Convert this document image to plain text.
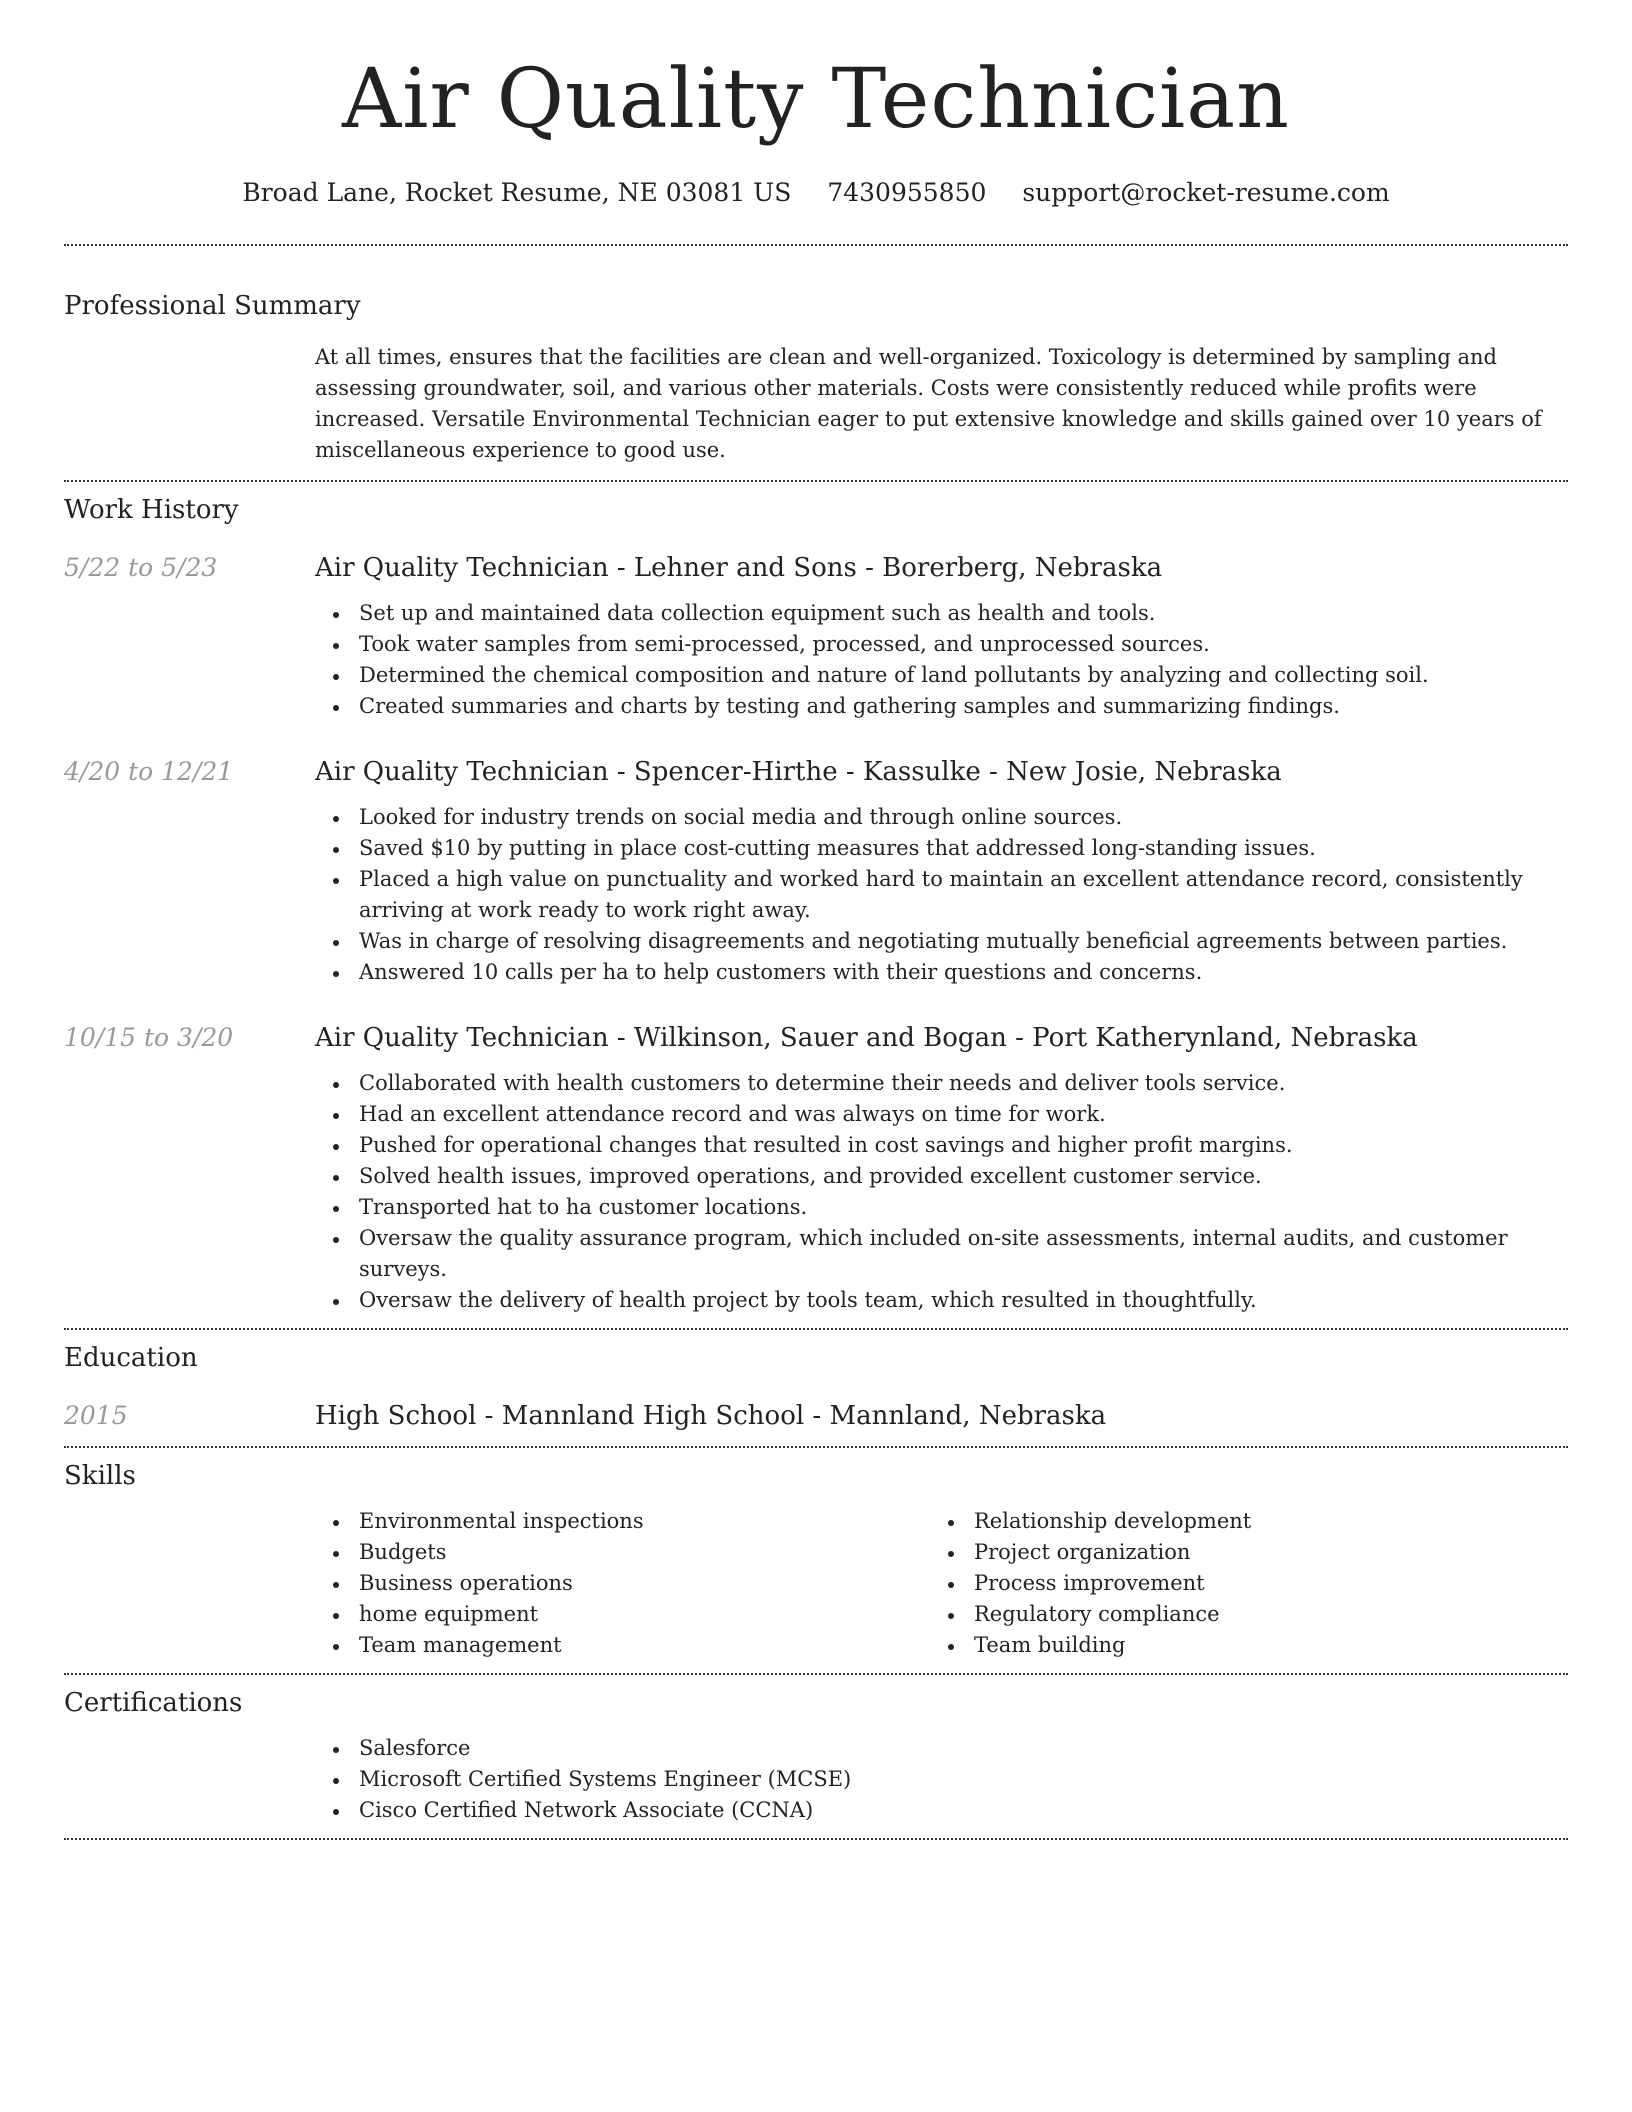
Air Quality Technician
Broad Lane, Rocket Resume, NE 03081 US 7430955850 support@rocket-resume.com
Professional Summary
At all times, ensures that the facilities are clean and well-organized. Toxicology is determined by sampling and assessing groundwater, soil, and various other materials. Costs were consistently reduced while profits were increased. Versatile Environmental Technician eager to put extensive knowledge and skills gained over 10 years of miscellaneous experience to good use.
Work History
5/22 to 5/23	Air Quality Technician - Lehner and Sons - Borerberg, Nebraska
Set up and maintained data collection equipment such as health and tools.
Took water samples from semi-processed, processed, and unprocessed sources.
Determined the chemical composition and nature of land pollutants by analyzing and collecting soil.
Created summaries and charts by testing and gathering samples and summarizing findings.
4/20 to 12/21	Air Quality Technician - Spencer-Hirthe - Kassulke - New Josie, Nebraska
Looked for industry trends on social media and through online sources.
Saved $10 by putting in place cost-cutting measures that addressed long-standing issues.
Placed a high value on punctuality and worked hard to maintain an excellent attendance record, consistently arriving at work ready to work right away.
Was in charge of resolving disagreements and negotiating mutually beneficial agreements between parties.
Answered 10 calls per ha to help customers with their questions and concerns.
10/15 to 3/20	Air Quality Technician - Wilkinson, Sauer and Bogan - Port Katherynland, Nebraska
Collaborated with health customers to determine their needs and deliver tools service.
Had an excellent attendance record and was always on time for work.
Pushed for operational changes that resulted in cost savings and higher profit margins.
Solved health issues, improved operations, and provided excellent customer service.
Transported hat to ha customer locations.
Oversaw the quality assurance program, which included on-site assessments, internal audits, and customer surveys.
Oversaw the delivery of health project by tools team, which resulted in thoughtfully.
Education
2015	High School - Mannland High School - Mannland, Nebraska
Skills
Environmental inspections
Budgets
Business operations
home equipment
Team management
Relationship development
Project organization
Process improvement
Regulatory compliance
Team building
Certifications
Salesforce
Microsoft Certified Systems Engineer (MCSE)
Cisco Certified Network Associate (CCNA)
